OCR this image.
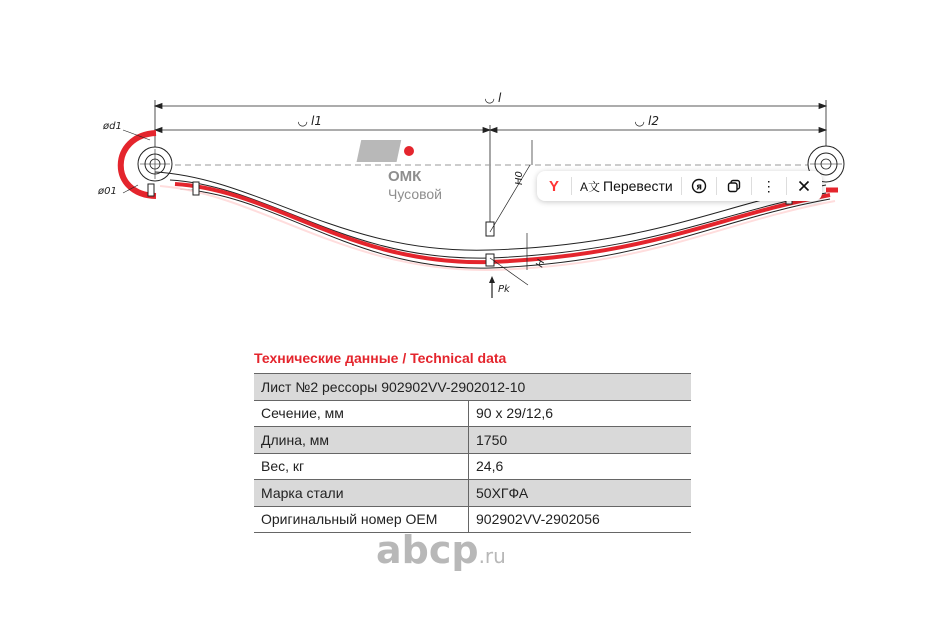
◡ l
◡ l1	◡ l2
ød1
ø01
H0
H
Pk
ОМК
Чусовой	Y	A文 Перевести	я	⋮
Технические данные / Technical data
Лист №2 рессоры 902902VV-2902012-10	
Сечение, мм	90 x 29/12,6
Длина, мм	1750
Вес, кг	24,6
Марка стали	50ХГФА
Оригинальный номер OEM	902902VV-2902056
abcp.ru
